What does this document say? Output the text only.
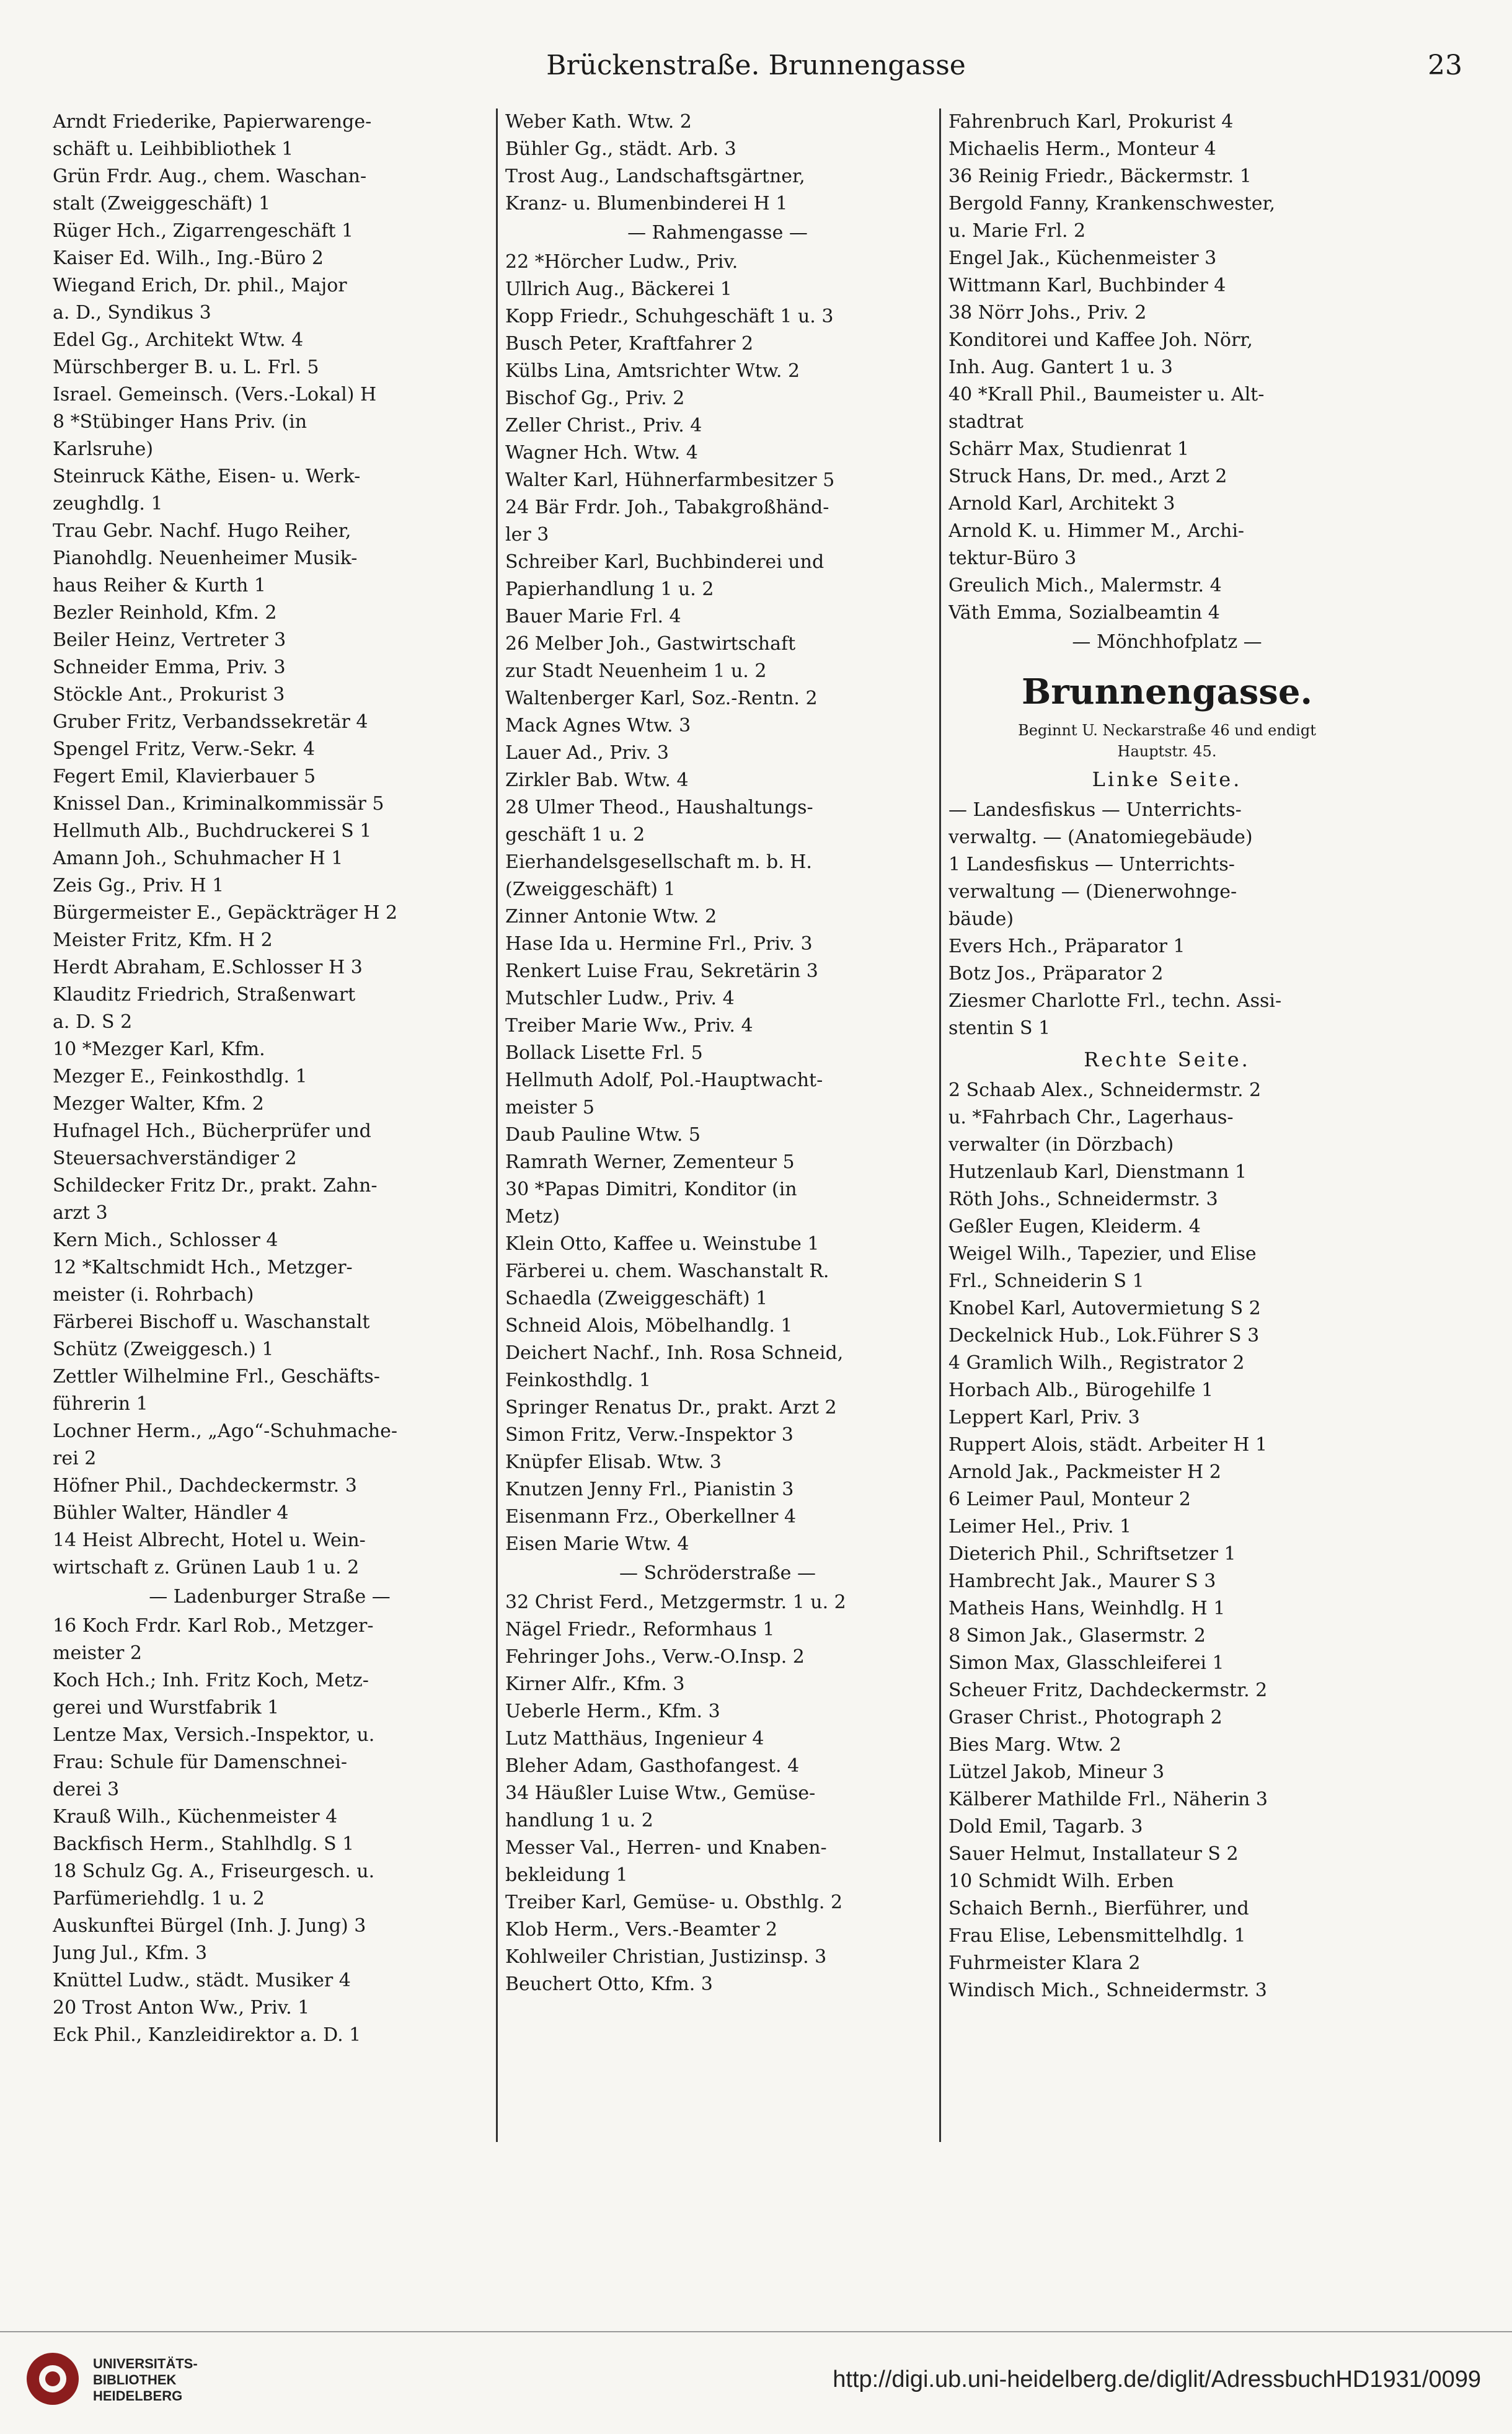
Brückenstraße. Brunnengasse	23
Arndt Friederike, Papierwarenge-
schäft u. Leihbibliothek 1
Grün Frdr. Aug., chem. Waschan-
stalt (Zweiggeschäft) 1
Rüger Hch., Zigarrengeschäft 1
Kaiser Ed. Wilh., Ing.-Büro 2
Wiegand Erich, Dr. phil., Major
a. D., Syndikus 3
Edel Gg., Architekt Wtw. 4
Mürschberger B. u. L. Frl. 5
Israel. Gemeinsch. (Vers.-Lokal) H
8 *Stübinger Hans Priv. (in
Karlsruhe)
Steinruck Käthe, Eisen- u. Werk-
zeughdlg. 1
Trau Gebr. Nachf. Hugo Reiher,
Pianohdlg. Neuenheimer Musik-
haus Reiher & Kurth 1
Bezler Reinhold, Kfm. 2
Beiler Heinz, Vertreter 3
Schneider Emma, Priv. 3
Stöckle Ant., Prokurist 3
Gruber Fritz, Verbandssekretär 4
Spengel Fritz, Verw.-Sekr. 4
Fegert Emil, Klavierbauer 5
Knissel Dan., Kriminalkommissär 5
Hellmuth Alb., Buchdruckerei S 1
Amann Joh., Schuhmacher H 1
Zeis Gg., Priv. H 1
Bürgermeister E., Gepäckträger H 2
Meister Fritz, Kfm. H 2
Herdt Abraham, E.Schlosser H 3
Klauditz Friedrich, Straßenwart
a. D. S 2
10 *Mezger Karl, Kfm.
Mezger E., Feinkosthdlg. 1
Mezger Walter, Kfm. 2
Hufnagel Hch., Bücherprüfer und
Steuersachverständiger 2
Schildecker Fritz Dr., prakt. Zahn-
arzt 3
Kern Mich., Schlosser 4
12 *Kaltschmidt Hch., Metzger-
meister (i. Rohrbach)
Färberei Bischoff u. Waschanstalt
Schütz (Zweiggesch.) 1
Zettler Wilhelmine Frl., Geschäfts-
führerin 1
Lochner Herm., „Ago“-Schuhmache-
rei 2
Höfner Phil., Dachdeckermstr. 3
Bühler Walter, Händler 4
14 Heist Albrecht, Hotel u. Wein-
wirtschaft z. Grünen Laub 1 u. 2
— Ladenburger Straße —
16 Koch Frdr. Karl Rob., Metzger-
meister 2
Koch Hch.; Inh. Fritz Koch, Metz-
gerei und Wurstfabrik 1
Lentze Max, Versich.-Inspektor, u.
Frau: Schule für Damenschnei-
derei 3
Krauß Wilh., Küchenmeister 4
Backfisch Herm., Stahlhdlg. S 1
18 Schulz Gg. A., Friseurgesch. u.
Parfümeriehdlg. 1 u. 2
Auskunftei Bürgel (Inh. J. Jung) 3
Jung Jul., Kfm. 3
Knüttel Ludw., städt. Musiker 4
20 Trost Anton Ww., Priv. 1
Eck Phil., Kanzleidirektor a. D. 1
Weber Kath. Wtw. 2
Bühler Gg., städt. Arb. 3
Trost Aug., Landschaftsgärtner,
Kranz- u. Blumenbinderei H 1
— Rahmengasse —
22 *Hörcher Ludw., Priv.
Ullrich Aug., Bäckerei 1
Kopp Friedr., Schuhgeschäft 1 u. 3
Busch Peter, Kraftfahrer 2
Külbs Lina, Amtsrichter Wtw. 2
Bischof Gg., Priv. 2
Zeller Christ., Priv. 4
Wagner Hch. Wtw. 4
Walter Karl, Hühnerfarmbesitzer 5
24 Bär Frdr. Joh., Tabakgroßhänd-
ler 3
Schreiber Karl, Buchbinderei und
Papierhandlung 1 u. 2
Bauer Marie Frl. 4
26 Melber Joh., Gastwirtschaft
zur Stadt Neuenheim 1 u. 2
Waltenberger Karl, Soz.-Rentn. 2
Mack Agnes Wtw. 3
Lauer Ad., Priv. 3
Zirkler Bab. Wtw. 4
28 Ulmer Theod., Haushaltungs-
geschäft 1 u. 2
Eierhandelsgesellschaft m. b. H.
(Zweiggeschäft) 1
Zinner Antonie Wtw. 2
Hase Ida u. Hermine Frl., Priv. 3
Renkert Luise Frau, Sekretärin 3
Mutschler Ludw., Priv. 4
Treiber Marie Ww., Priv. 4
Bollack Lisette Frl. 5
Hellmuth Adolf, Pol.-Hauptwacht-
meister 5
Daub Pauline Wtw. 5
Ramrath Werner, Zementeur 5
30 *Papas Dimitri, Konditor (in
Metz)
Klein Otto, Kaffee u. Weinstube 1
Färberei u. chem. Waschanstalt R.
Schaedla (Zweiggeschäft) 1
Schneid Alois, Möbelhandlg. 1
Deichert Nachf., Inh. Rosa Schneid,
Feinkosthdlg. 1
Springer Renatus Dr., prakt. Arzt 2
Simon Fritz, Verw.-Inspektor 3
Knüpfer Elisab. Wtw. 3
Knutzen Jenny Frl., Pianistin 3
Eisenmann Frz., Oberkellner 4
Eisen Marie Wtw. 4
— Schröderstraße —
32 Christ Ferd., Metzgermstr. 1 u. 2
Nägel Friedr., Reformhaus 1
Fehringer Johs., Verw.-O.Insp. 2
Kirner Alfr., Kfm. 3
Ueberle Herm., Kfm. 3
Lutz Matthäus, Ingenieur 4
Bleher Adam, Gasthofangest. 4
34 Häußler Luise Wtw., Gemüse-
handlung 1 u. 2
Messer Val., Herren- und Knaben-
bekleidung 1
Treiber Karl, Gemüse- u. Obsthlg. 2
Klob Herm., Vers.-Beamter 2
Kohlweiler Christian, Justizinsp. 3
Beuchert Otto, Kfm. 3
Fahrenbruch Karl, Prokurist 4
Michaelis Herm., Monteur 4
36 Reinig Friedr., Bäckermstr. 1
Bergold Fanny, Krankenschwester,
u. Marie Frl. 2
Engel Jak., Küchenmeister 3
Wittmann Karl, Buchbinder 4
38 Nörr Johs., Priv. 2
Konditorei und Kaffee Joh. Nörr,
Inh. Aug. Gantert 1 u. 3
40 *Krall Phil., Baumeister u. Alt-
stadtrat
Schärr Max, Studienrat 1
Struck Hans, Dr. med., Arzt 2
Arnold Karl, Architekt 3
Arnold K. u. Himmer M., Archi-
tektur-Büro 3
Greulich Mich., Malermstr. 4
Väth Emma, Sozialbeamtin 4
— Mönchhofplatz —
Brunnengasse.
Beginnt U. Neckarstraße 46 und endigt
Hauptstr. 45.
Linke Seite.
— Landesfiskus — Unterrichts-
verwaltg. — (Anatomiegebäude)
1 Landesfiskus — Unterrichts-
verwaltung — (Dienerwohnge-
bäude)
Evers Hch., Präparator 1
Botz Jos., Präparator 2
Ziesmer Charlotte Frl., techn. Assi-
stentin S 1
Rechte Seite.
2 Schaab Alex., Schneidermstr. 2
u. *Fahrbach Chr., Lagerhaus-
verwalter (in Dörzbach)
Hutzenlaub Karl, Dienstmann 1
Röth Johs., Schneidermstr. 3
Geßler Eugen, Kleiderm. 4
Weigel Wilh., Tapezier, und Elise
Frl., Schneiderin S 1
Knobel Karl, Autovermietung S 2
Deckelnick Hub., Lok.Führer S 3
4 Gramlich Wilh., Registrator 2
Horbach Alb., Bürogehilfe 1
Leppert Karl, Priv. 3
Ruppert Alois, städt. Arbeiter H 1
Arnold Jak., Packmeister H 2
6 Leimer Paul, Monteur 2
Leimer Hel., Priv. 1
Dieterich Phil., Schriftsetzer 1
Hambrecht Jak., Maurer S 3
Matheis Hans, Weinhdlg. H 1
8 Simon Jak., Glasermstr. 2
Simon Max, Glasschleiferei 1
Scheuer Fritz, Dachdeckermstr. 2
Graser Christ., Photograph 2
Bies Marg. Wtw. 2
Lützel Jakob, Mineur 3
Kälberer Mathilde Frl., Näherin 3
Dold Emil, Tagarb. 3
Sauer Helmut, Installateur S 2
10 Schmidt Wilh. Erben
Schaich Bernh., Bierführer, und
Frau Elise, Lebensmittelhdlg. 1
Fuhrmeister Klara 2
Windisch Mich., Schneidermstr. 3
UNIVERSITÄTS-
BIBLIOTHEK
HEIDELBERG
http://digi.ub.uni-heidelberg.de/diglit/AdressbuchHD1931/0099
